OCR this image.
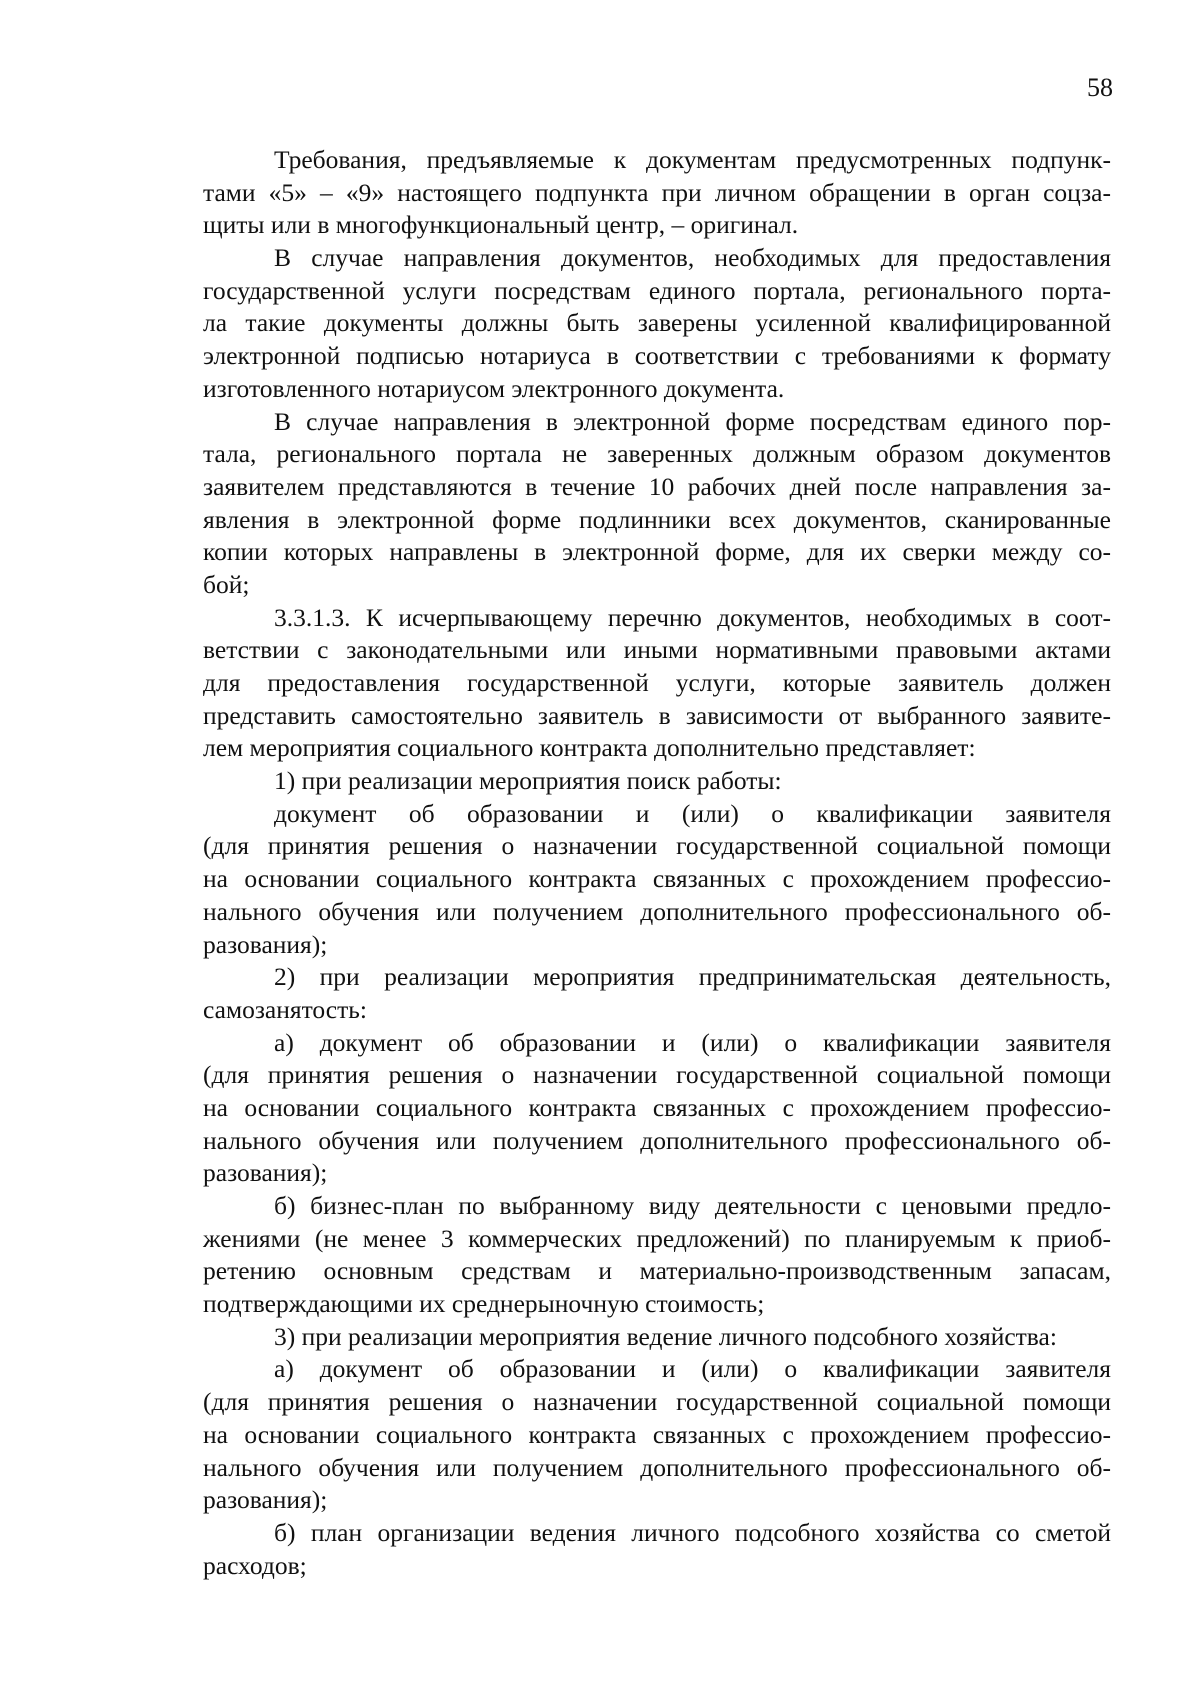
58
Требования, предъявляемые к документам предусмотренных подпунк-
тами «5» – «9» настоящего подпункта при личном обращении в орган соцза-
щиты или в многофункциональный центр, – оригинал.
В случае направления документов, необходимых для предоставления
государственной услуги посредствам единого портала, регионального порта-
ла такие документы должны быть заверены усиленной квалифицированной
электронной подписью нотариуса в соответствии с требованиями к формату
изготовленного нотариусом электронного документа.
В случае направления в электронной форме посредствам единого пор-
тала, регионального портала не заверенных должным образом документов
заявителем представляются в течение 10 рабочих дней после направления за-
явления в электронной форме подлинники всех документов, сканированные
копии которых направлены в электронной форме, для их сверки между со-
бой;
3.3.1.3. К исчерпывающему перечню документов, необходимых в соот-
ветствии с законодательными или иными нормативными правовыми актами
для предоставления государственной услуги, которые заявитель должен
представить самостоятельно заявитель в зависимости от выбранного заявите-
лем мероприятия социального контракта дополнительно представляет:
1) при реализации мероприятия поиск работы:
документ об образовании и (или) о квалификации заявителя
(для принятия решения о назначении государственной социальной помощи
на основании социального контракта связанных с прохождением профессио-
нального обучения или получением дополнительного профессионального об-
разования);
2) при реализации мероприятия предпринимательская деятельность,
самозанятость:
а) документ об образовании и (или) о квалификации заявителя
(для принятия решения о назначении государственной социальной помощи
на основании социального контракта связанных с прохождением профессио-
нального обучения или получением дополнительного профессионального об-
разования);
б) бизнес-план по выбранному виду деятельности с ценовыми предло-
жениями (не менее 3 коммерческих предложений) по планируемым к приоб-
ретению основным средствам и материально-производственным запасам,
подтверждающими их среднерыночную стоимость;
3) при реализации мероприятия ведение личного подсобного хозяйства:
а) документ об образовании и (или) о квалификации заявителя
(для принятия решения о назначении государственной социальной помощи
на основании социального контракта связанных с прохождением профессио-
нального обучения или получением дополнительного профессионального об-
разования);
б) план организации ведения личного подсобного хозяйства со сметой
расходов;
